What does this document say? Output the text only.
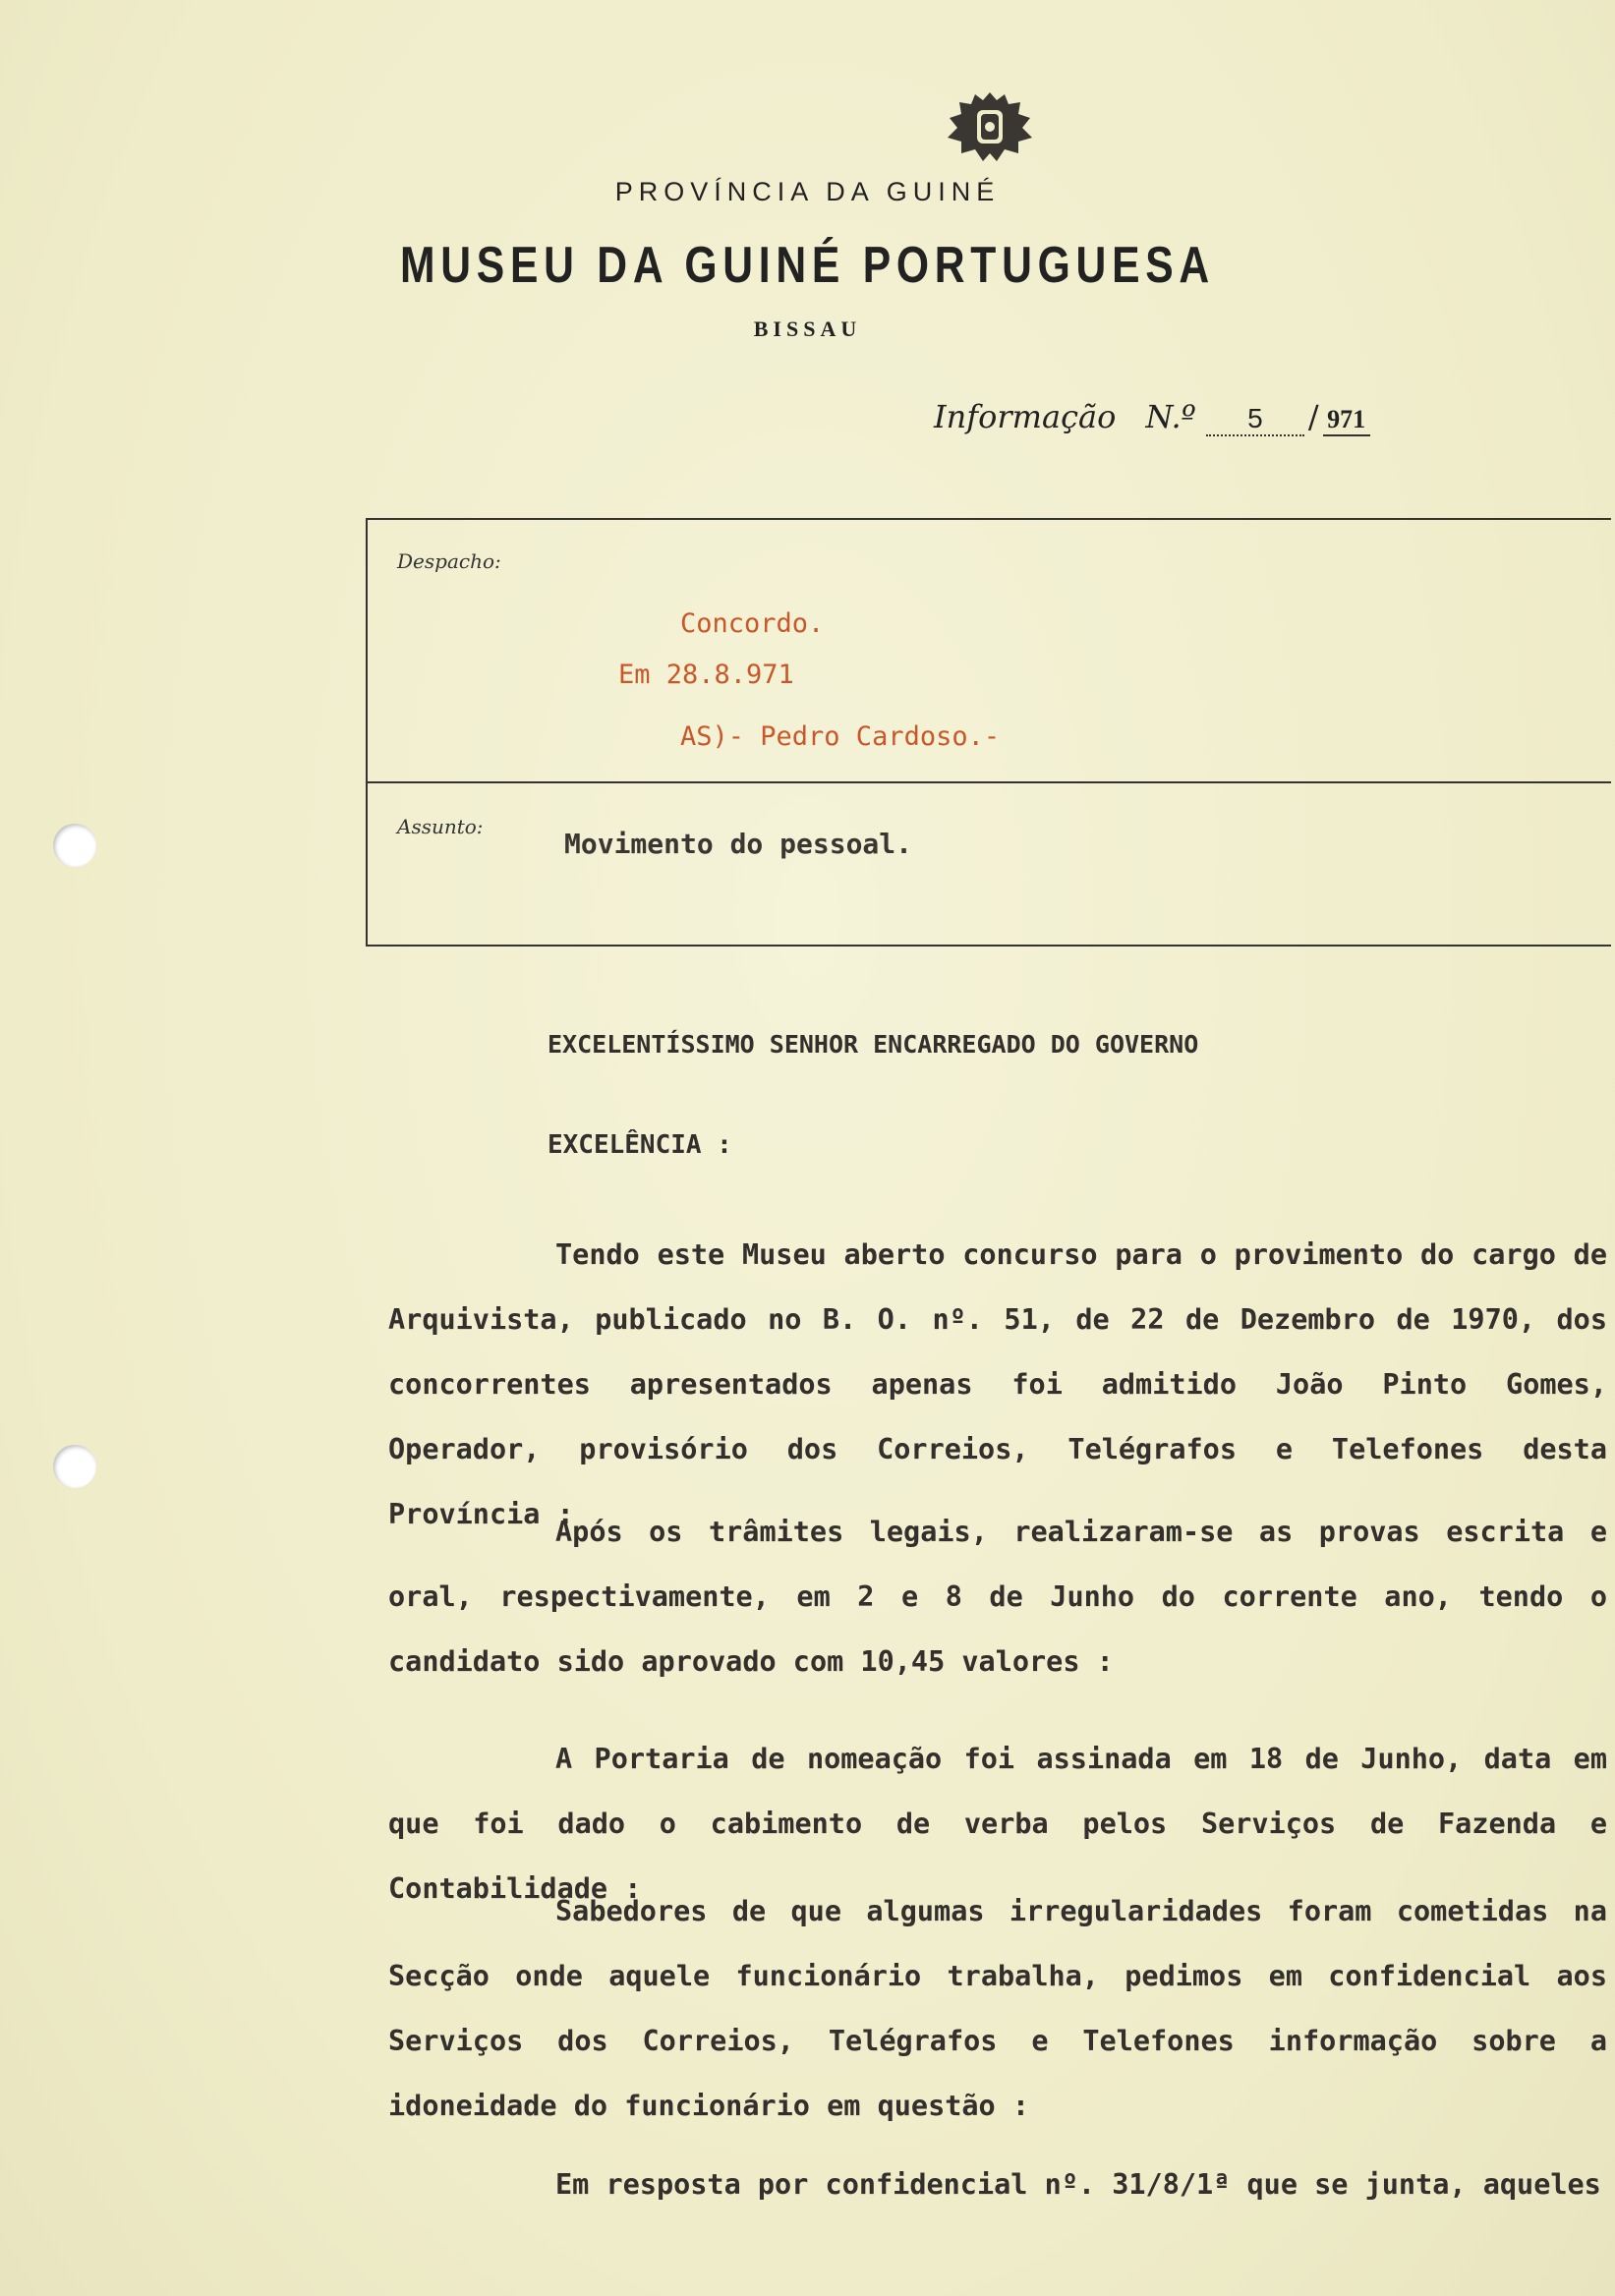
PROVÍNCIA DA GUINÉ
MUSEU DA GUINÉ PORTUGUESA
BISSAU
Informação N.º 5 / 971
Despacho:
Concordo.
Em 28.8.971
AS)- Pedro Cardoso.-
Assunto:
Movimento do pessoal.
EXCELENTÍSSIMO SENHOR ENCARREGADO DO GOVERNO
EXCELÊNCIA :
Tendo este Museu aberto concurso para o provimento do cargo de Arquivista, publicado no B. O. nº. 51, de 22 de Dezembro de 1970, dos concorrentes apresentados apenas foi admitido João Pinto Gomes, Operador, provisório dos Correios, Telégrafos e Telefones desta Província :
Após os trâmites legais, realizaram-se as provas escrita e oral, respectivamente, em 2 e 8 de Junho do corrente ano, tendo o candidato sido aprovado com 10,45 valores :
A Portaria de nomeação foi assinada em 18 de Junho, data em que foi dado o cabimento de verba pelos Serviços de Fazenda e Contabilidade :
Sabedores de que algumas irregularidades foram cometidas na Secção onde aquele funcionário trabalha, pedimos em confidencial aos Serviços dos Correios, Telégrafos e Telefones informação sobre a idoneidade do funcionário em questão :
Em resposta por confidencial nº. 31/8/1ª que se junta, aqueles
